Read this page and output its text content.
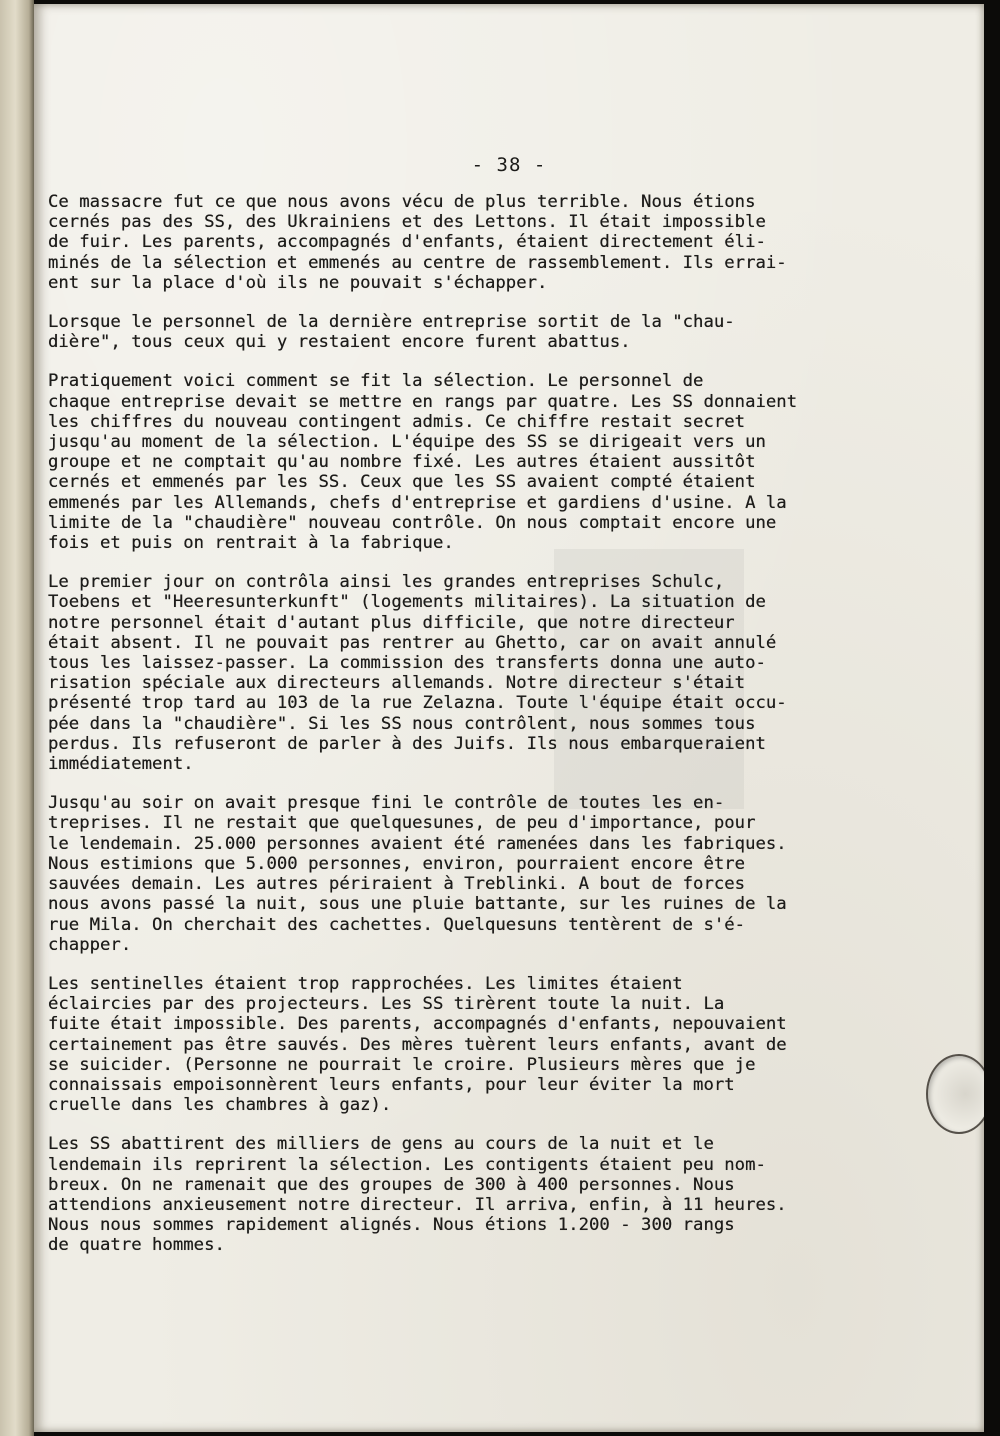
- 38 -
Ce massacre fut ce que nous avons vécu de plus terrible. Nous étions
cernés pas des SS, des Ukrainiens et des Lettons. Il était impossible
de fuir. Les parents, accompagnés d'enfants, étaient directement éli-
minés de la sélection et emmenés au centre de rassemblement. Ils errai-
ent sur la place d'où ils ne pouvait s'échapper.
Lorsque le personnel de la dernière entreprise sortit de la "chau-
dière", tous ceux qui y restaient encore furent abattus.
Pratiquement voici comment se fit la sélection. Le personnel de
chaque entreprise devait se mettre en rangs par quatre. Les SS donnaient
les chiffres du nouveau contingent admis. Ce chiffre restait secret
jusqu'au moment de la sélection. L'équipe des SS se dirigeait vers un
groupe et ne comptait qu'au nombre fixé. Les autres étaient aussitôt
cernés et emmenés par les SS. Ceux que les SS avaient compté étaient
emmenés par les Allemands, chefs d'entreprise et gardiens d'usine. A la
limite de la "chaudière" nouveau contrôle. On nous comptait encore une
fois et puis on rentrait à la fabrique.
Le premier jour on contrôla ainsi les grandes entreprises Schulc,
Toebens et "Heeresunterkunft" (logements militaires). La situation de
notre personnel était d'autant plus difficile, que notre directeur
était absent. Il ne pouvait pas rentrer au Ghetto, car on avait annulé
tous les laissez-passer. La commission des transferts donna une auto-
risation spéciale aux directeurs allemands. Notre directeur s'était
présenté trop tard au 103 de la rue Zelazna. Toute l'équipe était occu-
pée dans la "chaudière". Si les SS nous contrôlent, nous sommes tous
perdus. Ils refuseront de parler à des Juifs. Ils nous embarqueraient
immédiatement.
Jusqu'au soir on avait presque fini le contrôle de toutes les en-
treprises. Il ne restait que quelquesunes, de peu d'importance, pour
le lendemain. 25.000 personnes avaient été ramenées dans les fabriques.
Nous estimions que 5.000 personnes, environ, pourraient encore être
sauvées demain. Les autres périraient à Treblinki. A bout de forces
nous avons passé la nuit, sous une pluie battante, sur les ruines de la
rue Mila. On cherchait des cachettes. Quelquesuns tentèrent de s'é-
chapper.
Les sentinelles étaient trop rapprochées. Les limites étaient
éclaircies par des projecteurs. Les SS tirèrent toute la nuit. La
fuite était impossible. Des parents, accompagnés d'enfants, nepouvaient
certainement pas être sauvés. Des mères tuèrent leurs enfants, avant de
se suicider. (Personne ne pourrait le croire. Plusieurs mères que je
connaissais empoisonnèrent leurs enfants, pour leur éviter la mort
cruelle dans les chambres à gaz).
Les SS abattirent des milliers de gens au cours de la nuit et le
lendemain ils reprirent la sélection. Les contigents étaient peu nom-
breux. On ne ramenait que des groupes de 300 à 400 personnes. Nous
attendions anxieusement notre directeur. Il arriva, enfin, à 11 heures.
Nous nous sommes rapidement alignés. Nous étions 1.200 - 300 rangs
de quatre hommes.
